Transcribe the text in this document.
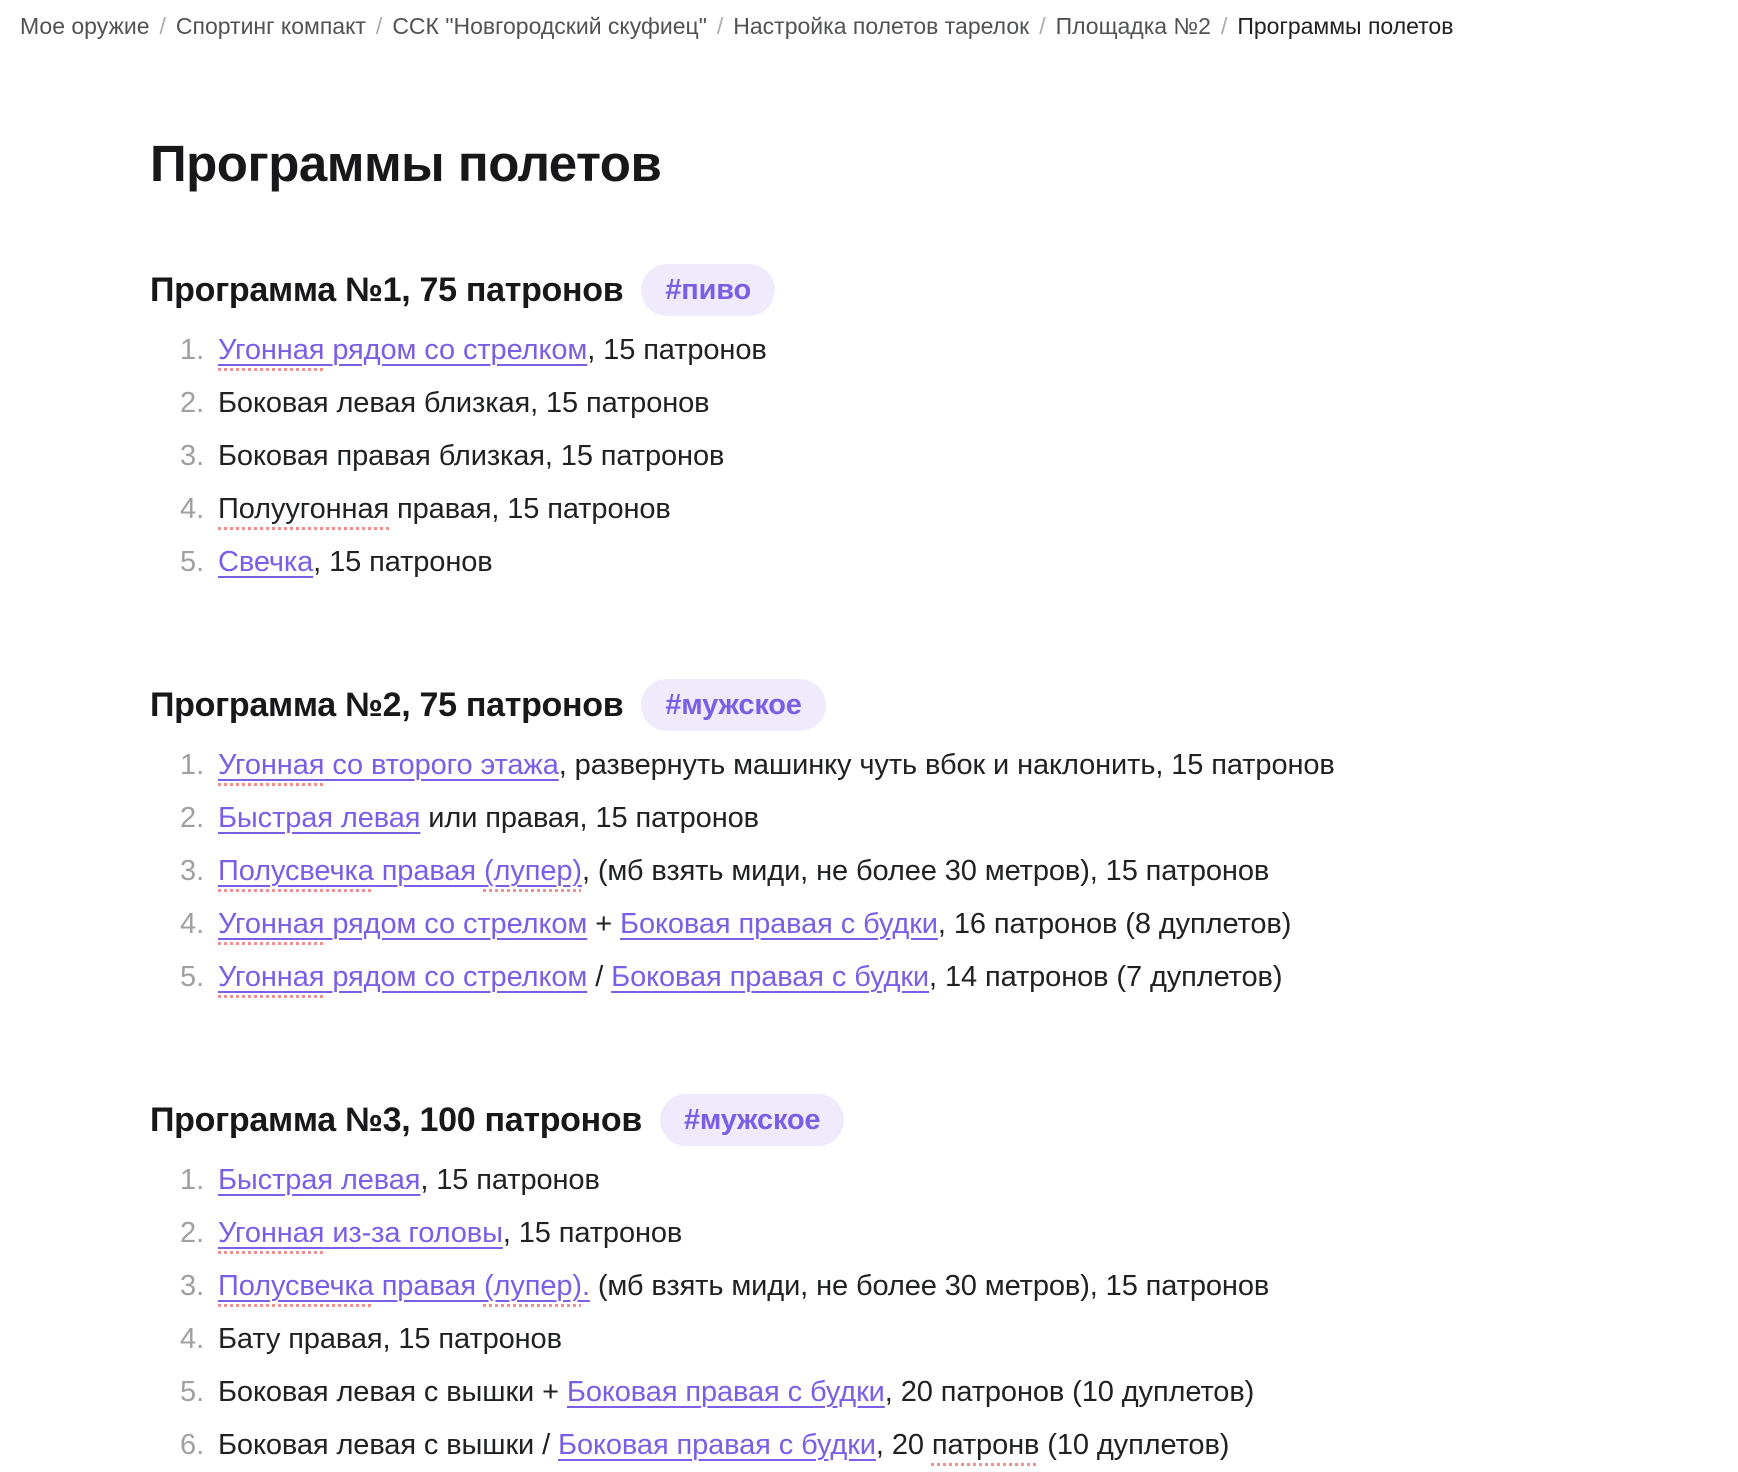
Мое оружие / Спортинг компакт / ССК "Новгородский скуфиец" / Настройка полетов тарелок / Площадка №2 / Программы полетов
Программы полетов
Программа №1, 75 патронов	#пиво
1. Угонная рядом со стрелком, 15 патронов
2. Боковая левая близкая, 15 патронов
3. Боковая правая близкая, 15 патронов
4. Полуугонная правая, 15 патронов
5. Свечка, 15 патронов
Программа №2, 75 патронов	#мужское
1. Угонная со второго этажа, развернуть машинку чуть вбок и наклонить, 15 патронов
2. Быстрая левая или правая, 15 патронов
3. Полусвечка правая (лупер), (мб взять миди, не более 30 метров), 15 патронов
4. Угонная рядом со стрелком + Боковая правая с будки, 16 патронов (8 дуплетов)
5. Угонная рядом со стрелком / Боковая правая с будки, 14 патронов (7 дуплетов)
Программа №3, 100 патронов	#мужское
1. Быстрая левая, 15 патронов
2. Угонная из-за головы, 15 патронов
3. Полусвечка правая (лупер). (мб взять миди, не более 30 метров), 15 патронов
4. Бату правая, 15 патронов
5. Боковая левая с вышки + Боковая правая с будки, 20 патронов (10 дуплетов)
6. Боковая левая с вышки / Боковая правая с будки, 20 патронв (10 дуплетов)
